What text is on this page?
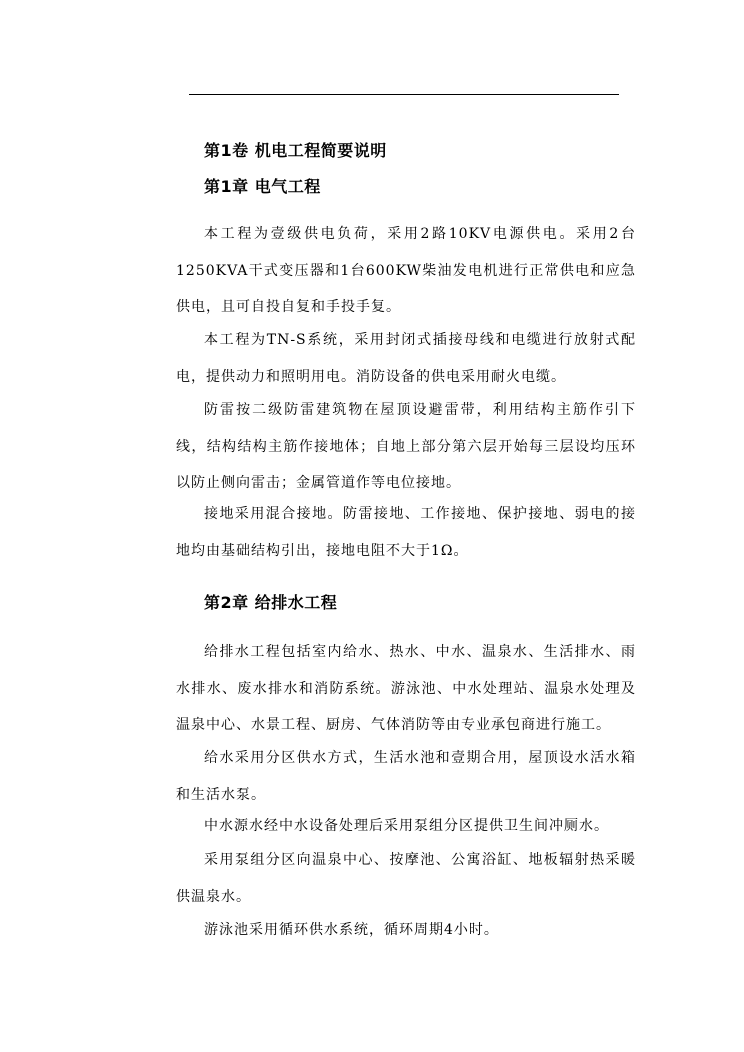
第1卷 机电工程简要说明
第1章 电气工程

本工程为壹级供电负荷，采用2路10KV电源供电。采用2台1250KVA干式变压器和1台600KW柴油发电机进行正常供电和应急供电，且可自投自复和手投手复。

本工程为TN-S系统，采用封闭式插接母线和电缆进行放射式配电，提供动力和照明用电。消防设备的供电采用耐火电缆。

防雷按二级防雷建筑物在屋顶设避雷带，利用结构主筋作引下线，结构结构主筋作接地体；自地上部分第六层开始每三层设均压环以防止侧向雷击；金属管道作等电位接地。

接地采用混合接地。防雷接地、工作接地、保护接地、弱电的接地均由基础结构引出，接地电阻不大于1Ω。

第2章 给排水工程

给排水工程包括室内给水、热水、中水、温泉水、生活排水、雨水排水、废水排水和消防系统。游泳池、中水处理站、温泉水处理及温泉中心、水景工程、厨房、气体消防等由专业承包商进行施工。

给水采用分区供水方式，生活水池和壹期合用，屋顶设水活水箱和生活水泵。

中水源水经中水设备处理后采用泵组分区提供卫生间冲厕水。

采用泵组分区向温泉中心、按摩池、公寓浴缸、地板辐射热采暖供温泉水。

游泳池采用循环供水系统，循环周期4小时。
